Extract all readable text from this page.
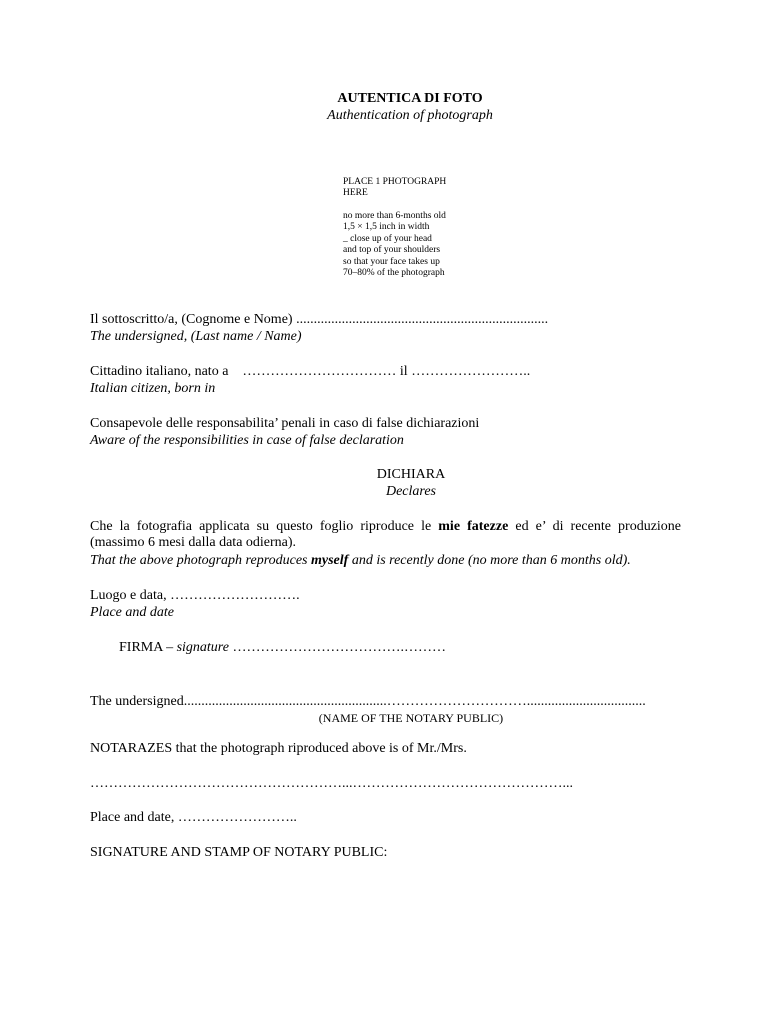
AUTENTICA DI FOTO
Authentication of photograph
PLACE 1 PHOTOGRAPH
HERE
no more than 6-months old
1,5 × 1,5 inch in width
_ close up of your head
and top of your shoulders
so that your face takes up
70–80% of the photograph
Il sottoscritto/a, (Cognome e Nome) ........................................................................
The undersigned, (Last name / Name)
Cittadino italiano, nato a    …………………………… il ……………………..
Italian citizen, born in
Consapevole delle responsabilita’ penali in caso di false dichiarazioni
Aware of the responsibilities in case of false declaration
DICHIARA
Declares
Che la fotografia applicata su questo foglio riproduce le mie fatezze ed e’ di recente produzione
(massimo 6 mesi dalla data odierna).
That the above photograph reproduces myself and is recently done (no more than 6 months old).
Luogo e data, ……………………….
Place and date
FIRMA – signature ……………………………….………
The undersigned..........................................................…………………………..................................
(NAME OF THE NOTARY PUBLIC)
NOTARAZES that the photograph riproduced above is of Mr./Mrs.
………………………………………………...………………………………………...
Place and date, ……………………..
SIGNATURE AND STAMP OF NOTARY PUBLIC:
